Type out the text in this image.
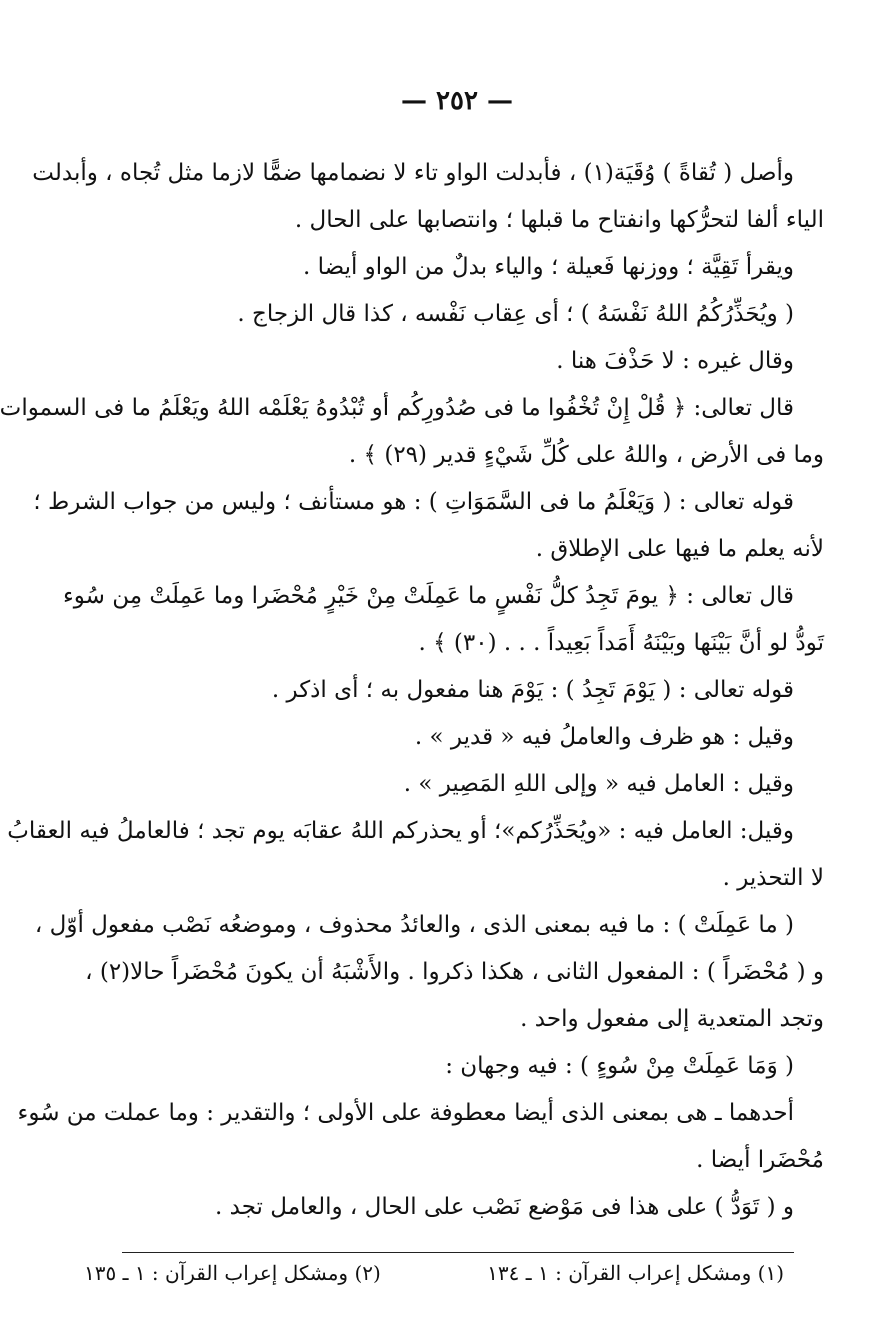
— ٢٥٢ —
وأصل ( تُقاةً ) وُقَيَة(١) ، فأبدلت الواو تاء لا نضمامها ضمًّا لازما مثل تُجاه ، وأبدلت
الياء ألفا لتحرُّكها وانفتاح ما قبلها ؛ وانتصابها على الحال .
ويقرأ تَقِيَّة ؛ ووزنها فَعيلة ؛ والياء بدلٌ من الواو أيضا .
( ويُحَذِّرُكُمُ اللهُ نَفْسَهُ ) ؛ أى عِقاب نَفْسه ، كذا قال الزجاج .
وقال غيره : لا حَذْفَ هنا .
قال تعالى: ﴿ قُلْ إِنْ تُخْفُوا ما فى صُدُورِكُم أو تُبْدُوهُ يَعْلَمْه اللهُ ويَعْلَمُ ما فى السموات
وما فى الأرض ، واللهُ على كُلِّ شَيْءٍ قدير (٢٩) ﴾ .
قوله تعالى : ( وَيَعْلَمُ ما فى السَّمَوَاتِ ) : هو مستأنف ؛ وليس من جواب الشرط ؛
لأنه يعلم ما فيها على الإطلاق .
قال تعالى : ﴿ يومَ تَجِدُ كلُّ نَفْسٍ ما عَمِلَتْ مِنْ خَيْرٍ مُحْضَرا وما عَمِلَتْ مِن سُوء
تَودُّ لو أنَّ بَيْنَها وبَيْنَهُ أَمَداً بَعِيداً . . . (٣٠) ﴾ .
قوله تعالى : ( يَوْمَ تَجِدُ ) : يَوْمَ هنا مفعول به ؛ أى اذكر .
وقيل : هو ظرف والعاملُ فيه « قدير » .
وقيل : العامل فيه « وإلى اللهِ المَصِير » .
وقيل: العامل فيه : «ويُحَذِّرُكم»؛ أو يحذركم اللهُ عقابَه يوم تجد ؛ فالعاملُ فيه العقابُ
لا التحذير .
( ما عَمِلَتْ ) : ما فيه بمعنى الذى ، والعائدُ محذوف ، وموضعُه نَصْب مفعول أوّل ،
و ( مُحْضَراً ) : المفعول الثانى ، هكذا ذكروا . والأَشْبَهُ أن يكونَ مُحْضَراً حالا(٢) ،
وتجد المتعدية إلى مفعول واحد .
( وَمَا عَمِلَتْ مِنْ سُوءٍ ) : فيه وجهان :
أحدهما ـ هى بمعنى الذى أيضا معطوفة على الأولى ؛ والتقدير : وما عملت من سُوء
مُحْضَرا أيضا .
و ( تَوَدُّ ) على هذا فى مَوْضع نَصْب على الحال ، والعامل تجد .
(١) ومشكل إعراب القرآن : ١ ـ ١٣٤
(٢) ومشكل إعراب القرآن : ١ ـ ١٣٥
